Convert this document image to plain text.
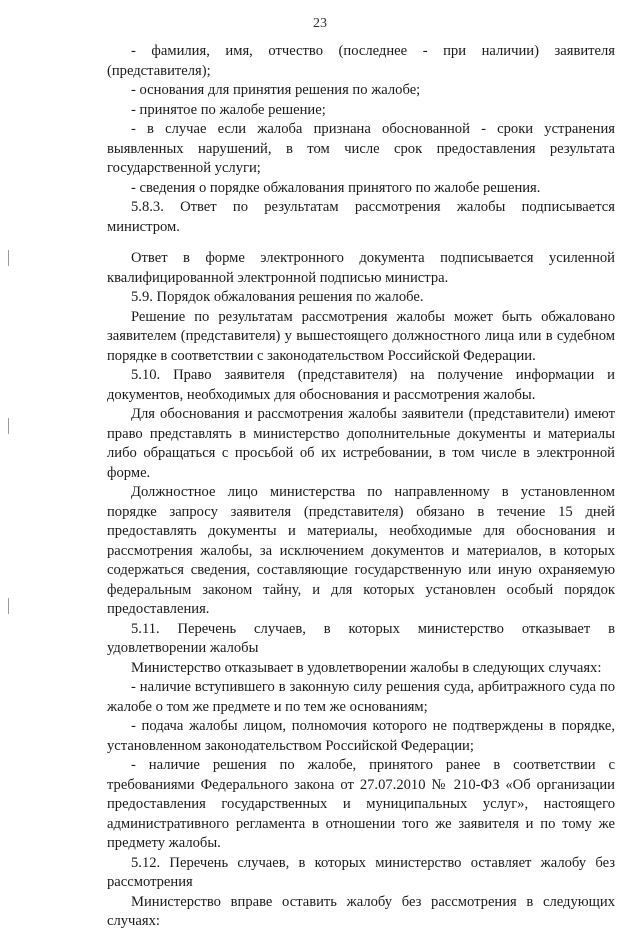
23

- фамилия, имя, отчество (последнее - при наличии) заявителя (представителя);

- основания для принятия решения по жалобе;

- принятое по жалобе решение;

- в случае если жалоба признана обоснованной - сроки устранения выявленных нарушений, в том числе срок предоставления результата государственной услуги;

- сведения о порядке обжалования принятого по жалобе решения.

5.8.3. Ответ по результатам рассмотрения жалобы подписывается министром.

Ответ в форме электронного документа подписывается усиленной квалифицированной электронной подписью министра.

5.9. Порядок обжалования решения по жалобе.

Решение по результатам рассмотрения жалобы может быть обжаловано заявителем (представителя) у вышестоящего должностного лица или в судебном порядке в соответствии с законодательством Российской Федерации.

5.10. Право заявителя (представителя) на получение информации и документов, необходимых для обоснования и рассмотрения жалобы.

Для обоснования и рассмотрения жалобы заявители (представители) имеют право представлять в министерство дополнительные документы и материалы либо обращаться с просьбой об их истребовании, в том числе в электронной форме.

Должностное лицо министерства по направленному в установленном порядке запросу заявителя (представителя) обязано в течение 15 дней предоставлять документы и материалы, необходимые для обоснования и рассмотрения жалобы, за исключением документов и материалов, в которых содержаться сведения, составляющие государственную или иную охраняемую федеральным законом тайну, и для которых установлен особый порядок предоставления.

5.11. Перечень случаев, в которых министерство отказывает в удовлетворении жалобы

Министерство отказывает в удовлетворении жалобы в следующих случаях:

- наличие вступившего в законную силу решения суда, арбитражного суда по жалобе о том же предмете и по тем же основаниям;

- подача жалобы лицом, полномочия которого не подтверждены в порядке, установленном законодательством Российской Федерации;

- наличие решения по жалобе, принятого ранее в соответствии с требованиями Федерального закона от 27.07.2010 № 210-ФЗ «Об организации предоставления государственных и муниципальных услуг», настоящего административного регламента в отношении того же заявителя и по тому же предмету жалобы.

5.12. Перечень случаев, в которых министерство оставляет жалобу без рассмотрения

Министерство вправе оставить жалобу без рассмотрения в следующих случаях:
